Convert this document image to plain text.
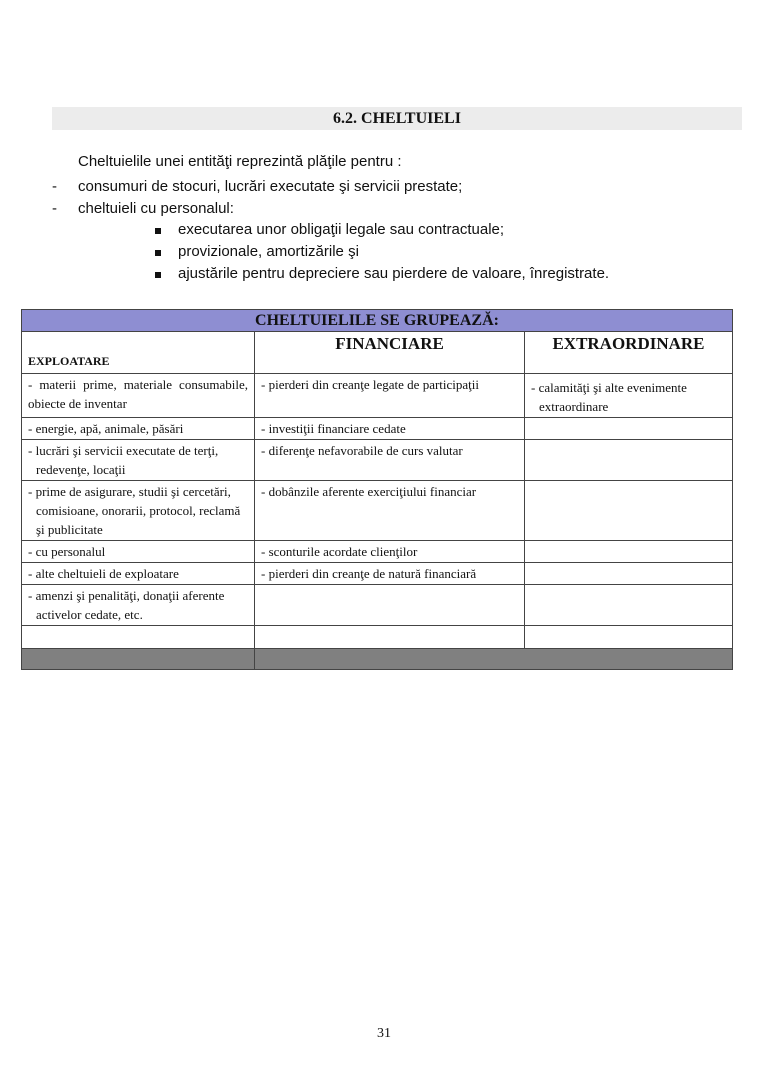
6.2. CHELTUIELI
Cheltuielile unei entităţi reprezintă plăţile pentru :
- consumuri de stocuri, lucrări executate şi servicii prestate;
- cheltuieli cu personalul:
executarea unor obligaţii legale sau contractuale;
provizionale, amortizările şi
ajustările pentru depreciere sau pierdere de valoare, înregistrate.
CHELTUIELILE SE GRUPEAZĂ:		
EXPLOATARE	FINANCIARE	EXTRAORDINARE
- materii prime, materiale consumabile, obiecte de inventar	- pierderi din creanţe legate de participaţii	- calamităţi şi alte evenimente extraordinare
- energie, apă, animale, păsări	- investiţii financiare cedate	
- lucrări şi servicii executate de terţi, redevenţe, locaţii	- diferenţe nefavorabile de curs valutar	
- prime de asigurare, studii şi cercetări, comisioane, onorarii, protocol, reclamă şi publicitate	- dobânzile aferente exerciţiului financiar	
- cu personalul	- sconturile acordate clienţilor	
- alte cheltuieli de exploatare	- pierderi din creanţe de natură financiară	
- amenzi şi penalităţi, donaţii aferente activelor cedate, etc.		

31
